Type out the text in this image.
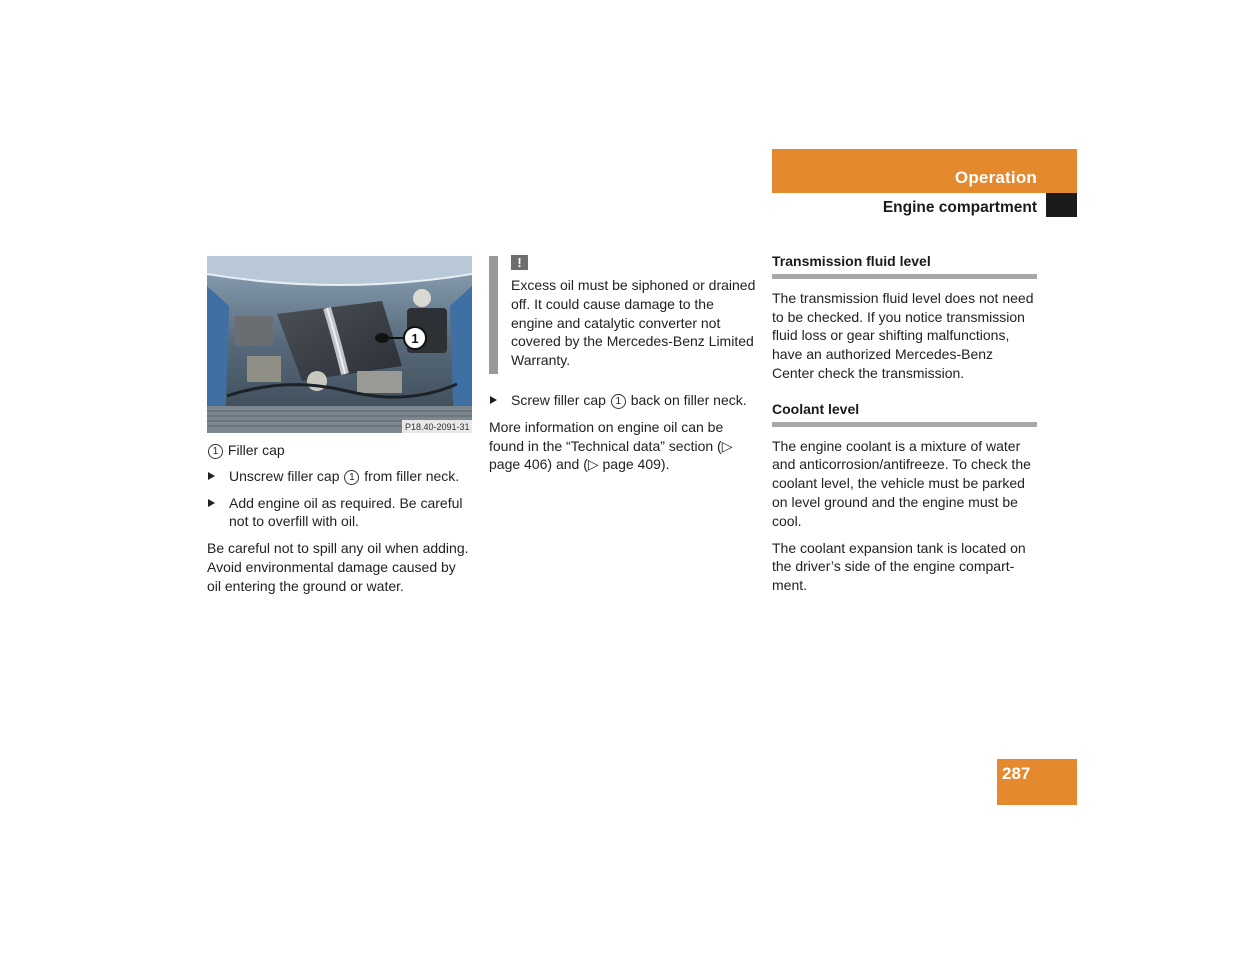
Operation
Engine compartment
1
P18.40-2091-31

1 Filler cap

Unscrew filler cap 1 from filler neck.

Add engine oil as required. Be careful not to overfill with oil.

Be careful not to spill any oil when adding. Avoid environmental damage caused by oil entering the ground or water.

!

Excess oil must be siphoned or drained off. It could cause damage to the engine and catalytic converter not covered by the Mercedes-Benz Limited Warranty.

Screw filler cap 1 back on filler neck.

More information on engine oil can be found in the “Technical data” section (▷ page 406) and (▷ page 409).

Transmission fluid level

The transmission fluid level does not need to be checked. If you notice transmission fluid loss or gear shifting malfunctions, have an authorized Mercedes-Benz Center check the transmission.

Coolant level

The engine coolant is a mixture of water and anticorrosion/antifreeze. To check the coolant level, the vehicle must be parked on level ground and the engine must be cool.

The coolant expansion tank is located on the driver’s side of the engine compart-ment.

287
